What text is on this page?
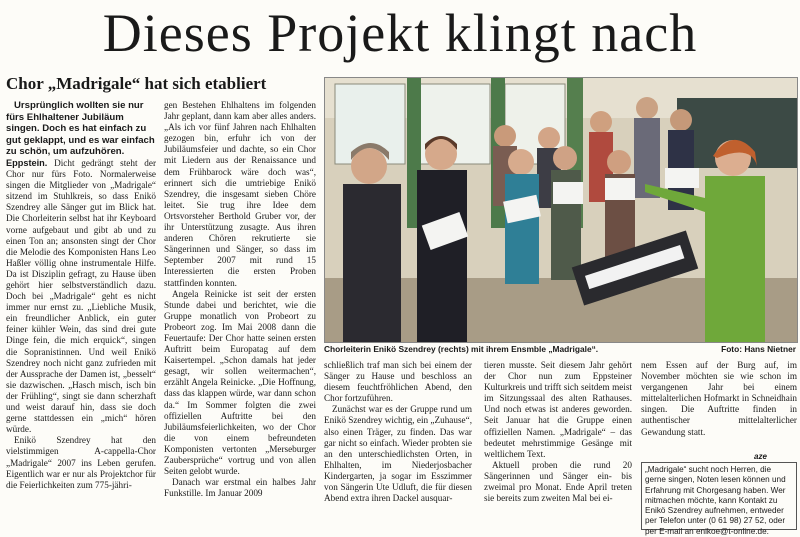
Dieses Projekt klingt nach
Chor „Madrigale“ hat sich etabliert

Ursprünglich wollten sie nur fürs Ehlhaltener Jubiläum singen. Doch es hat einfach zu gut geklappt, und es war einfach zu schön, um aufzuhören.

Eppstein. Dicht gedrängt steht der Chor nur fürs Foto. Normalerweise singen die Mitglieder von „Madrigale“ sitzend im Stuhlkreis, so dass Enikö Szendrey alle Sänger gut im Blick hat. Die Chorleiterin selbst hat ihr Keyboard vorne aufgebaut und gibt ab und zu einen Ton an; ansonsten singt der Chor die Melodie des Komponisten Hans Leo Haßler völlig ohne instrumentale Hilfe. Da ist Disziplin gefragt, zu Hause üben gehört hier selbstverständlich dazu. Doch bei „Madrigale“ geht es nicht immer nur ernst zu. „Liebliche Musik, ein freundlicher Anblick, ein guter feiner kühler Wein, das sind drei gute Dinge fein, die mich erquick“, singen die Sopranistinnen. Und weil Enikö Szendrey noch nicht ganz zufrieden mit der Aussprache der Damen ist, „besselt“ sie dazwischen. „Hasch misch, isch bin der Frühling“, singt sie dann scherzhaft und weist darauf hin, dass sie doch gerne stattdessen ein „mich“ hören würde.

Enikö Szendrey hat den vielstimmigen A-cappella-Chor „Madrigale“ 2007 ins Leben gerufen. Eigentlich war er nur als Projektchor für die Feierlichkeiten zum 775-jähri-

gen Bestehen Ehlhaltens im folgenden Jahr geplant, dann kam aber alles anders. „Als ich vor fünf Jahren nach Ehlhalten gezogen bin, erfuhr ich von der Jubiläumsfeier und dachte, so ein Chor mit Liedern aus der Renaissance und dem Frühbarock wäre doch was“, erinnert sich die umtriebige Enikö Szendrey, die insgesamt sieben Chöre leitet. Sie trug ihre Idee dem Ortsvorsteher Berthold Gruber vor, der ihr Unterstützung zusagte. Aus ihren anderen Chören rekrutierte sie Sängerinnen und Sänger, so dass im September 2007 mit rund 15 Interessierten die ersten Proben stattfinden konnten.

Angela Reinicke ist seit der ersten Stunde dabei und berichtet, wie die Gruppe monatlich von Probeort zu Probeort zog. Im Mai 2008 dann die Feuertaufe: Der Chor hatte seinen ersten Auftritt beim Europatag auf dem Kaisertempel. „Schon damals hat jeder gesagt, wir sollen weitermachen“, erzählt Angela Reinicke. „Die Hoffnung, dass das klappen würde, war dann schon da.“ Im Sommer folgten die zwei offiziellen Auftritte bei den Jubiläumsfeierlichkeiten, wo der Chor die von einem befreundeten Komponisten vertonten „Merseburger Zaubersprüche“ vortrug und von allen Seiten gelobt wurde.

Danach war erstmal ein halbes Jahr Funkstille. Im Januar 2009

Chorleiterin Enikö Szendrey (rechts) mit ihrem Ensmble „Madrigale“.	Foto: Hans Nietner

schließlich traf man sich bei einem der Sänger zu Hause und beschloss an diesem feuchtfröhlichen Abend, den Chor fortzuführen.

Zunächst war es der Gruppe rund um Enikö Szendrey wichtig, ein „Zuhause“, also einen Träger, zu finden. Das war gar nicht so einfach. Wieder probten sie an den unterschiedlichsten Orten, in Ehlhalten, im Niederjosbacher Kindergarten, ja sogar im Esszimmer von Sängerin Ute Udluft, die für diesen Abend extra ihren Dackel ausquar-

tieren musste. Seit diesem Jahr gehört der Chor nun zum Eppsteiner Kulturkreis und trifft sich seitdem meist im Sitzungssaal des alten Rathauses. Und noch etwas ist anderes geworden. Seit Januar hat die Gruppe einen offiziellen Namen. „Madrigale“ – das bedeutet mehrstimmige Gesänge mit weltlichem Text.

Aktuell proben die rund 20 Sängerinnen und Sänger ein- bis zweimal pro Monat. Ende April treten sie bereits zum zweiten Mal bei ei-

nem Essen auf der Burg auf, im November möchten sie wie schon im vergangenen Jahr bei einem mittelalterlichen Hofmarkt in Schneidhain singen. Die Auftritte finden in authentischer mittelalterlicher Gewandung statt.

aze
„Madrigale“ sucht noch Herren, die gerne singen, Noten lesen können und Erfahrung mit Chorgesang haben. Wer mitmachen möchte, kann Kontakt zu Enikö Szendrey aufnehmen, entweder per Telefon unter (0 61 98) 27 52, oder per E-mail an enikoe@t-online.de.
